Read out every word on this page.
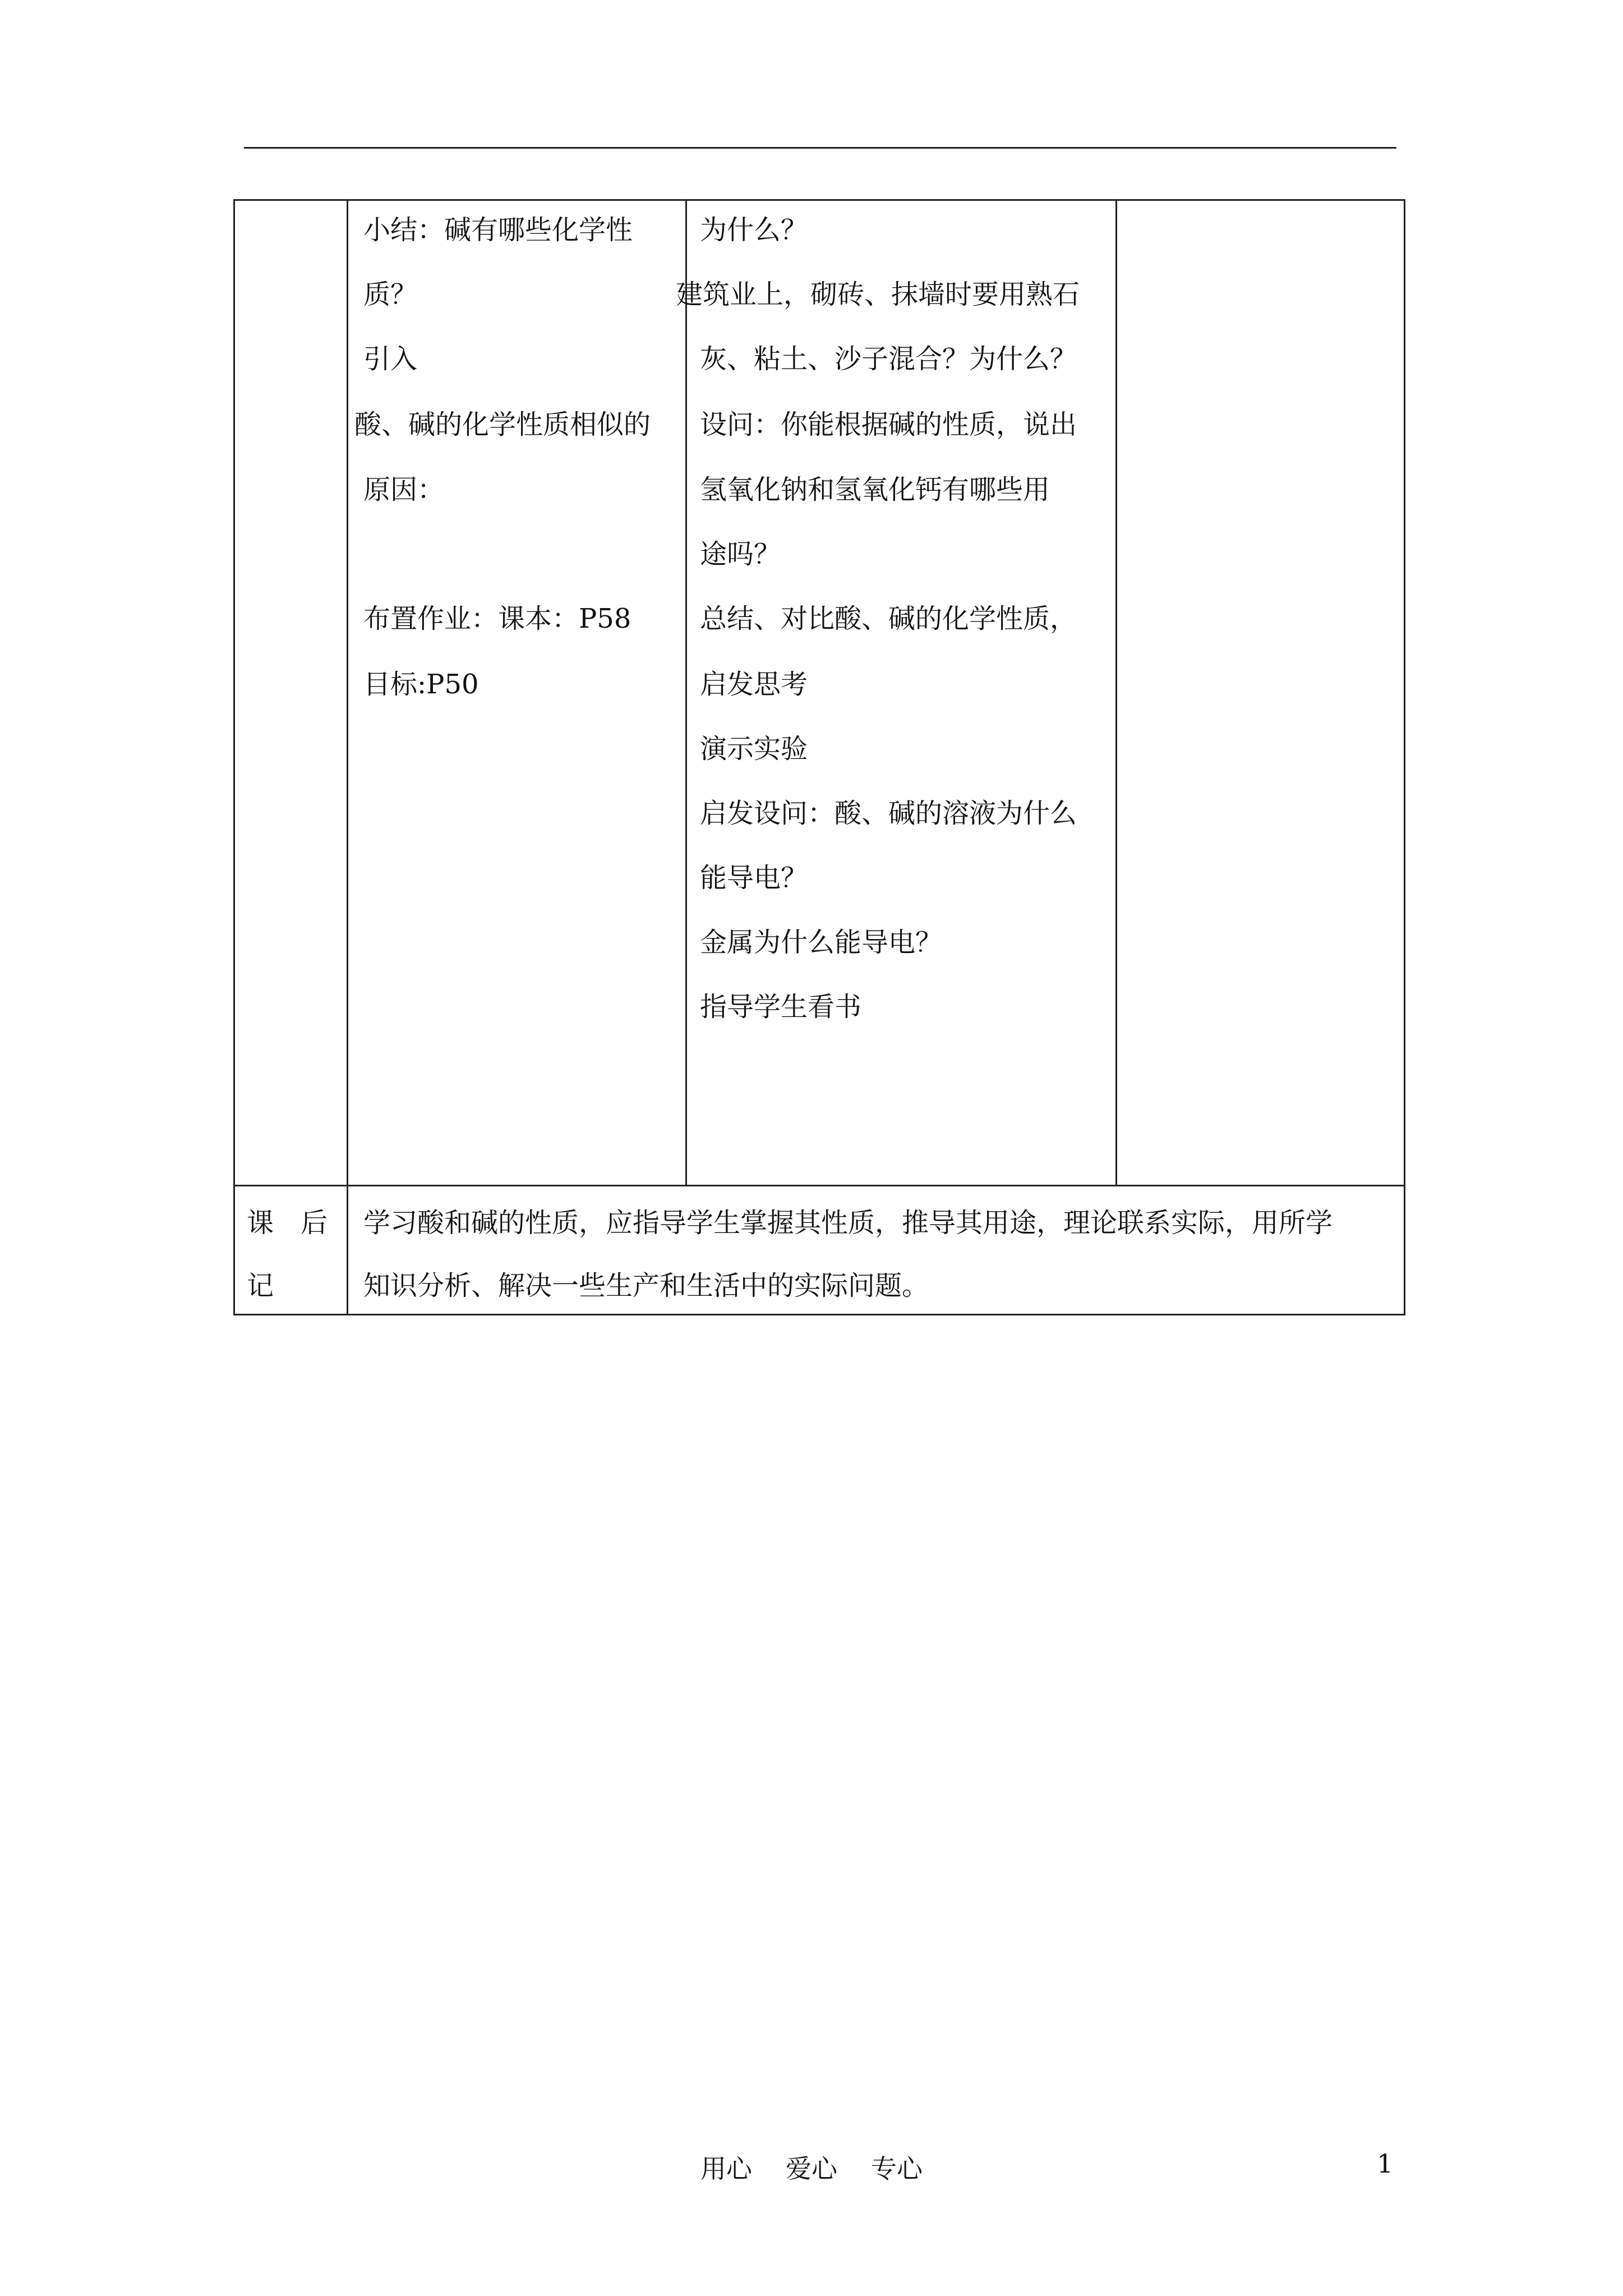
小结：碱有哪些化学性
质？
引入
酸、碱的化学性质相似的
原因：
布置作业：课本：P58
目标:P50
为什么？
建筑业上，砌砖、抹墙时要用熟石
灰、粘土、沙子混合？为什么？
设问：你能根据碱的性质，说出
氢氧化钠和氢氧化钙有哪些用
途吗？
总结、对比酸、碱的化学性质，
启发思考
演示实验
启发设问：酸、碱的溶液为什么
能导电？
金属为什么能导电？
指导学生看书
课　后
记
学习酸和碱的性质，应指导学生掌握其性质，推导其用途，理论联系实际，用所学
知识分析、解决一些生产和生活中的实际问题。
用心 爱心 专心	1
